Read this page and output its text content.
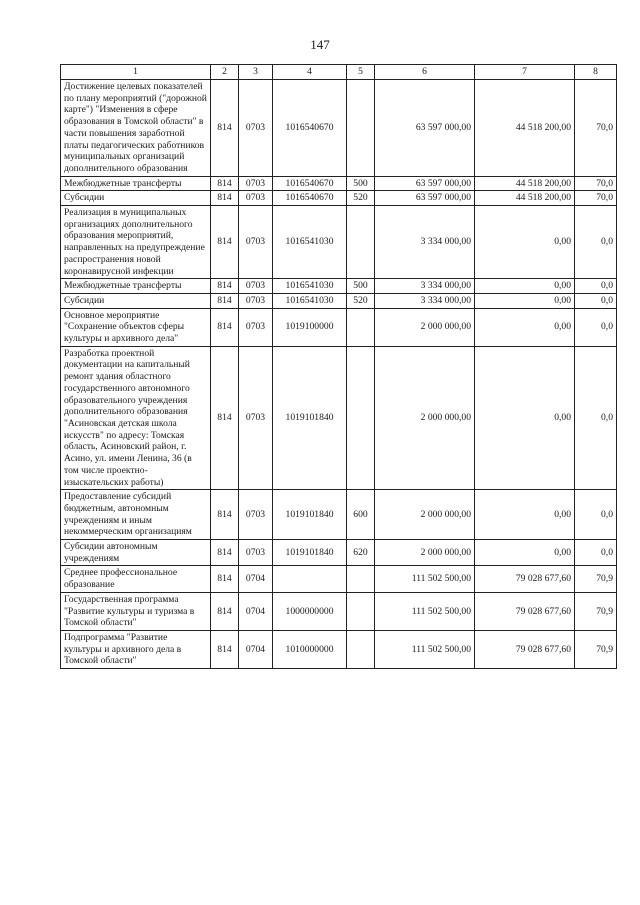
147
1	2	3	4	5	6	7	8
Достижение целевых показателей по плану мероприятий ("дорожной карте") "Изменения в сфере образования в Томской области" в части повышения заработной платы педагогических работников муниципальных организаций дополнительного образования	814	0703	1016540670		63 597 000,00	44 518 200,00	70,0
Межбюджетные трансферты	814	0703	1016540670	500	63 597 000,00	44 518 200,00	70,0
Субсидии	814	0703	1016540670	520	63 597 000,00	44 518 200,00	70,0
Реализация в муниципальных организациях дополнительного образования мероприятий, направленных на предупреждение распространения новой коронавирусной инфекции	814	0703	1016541030		3 334 000,00	0,00	0,0
Межбюджетные трансферты	814	0703	1016541030	500	3 334 000,00	0,00	0,0
Субсидии	814	0703	1016541030	520	3 334 000,00	0,00	0,0
Основное мероприятие "Сохранение объектов сферы культуры и архивного дела"	814	0703	1019100000		2 000 000,00	0,00	0,0
Разработка проектной документации на капитальный ремонт здания областного государственного автономного образовательного учреждения дополнительного образования "Асиновская детская школа искусств" по адресу: Томская область, Асиновский район, г. Асино, ул. имени Ленина, 36 (в том числе проектно-изыскательских работы)	814	0703	1019101840		2 000 000,00	0,00	0,0
Предоставление субсидий бюджетным, автономным учреждениям и иным некоммерческим организациям	814	0703	1019101840	600	2 000 000,00	0,00	0,0
Субсидии автономным учреждениям	814	0703	1019101840	620	2 000 000,00	0,00	0,0
Среднее профессиональное образование	814	0704			111 502 500,00	79 028 677,60	70,9
Государственная программа "Развитие культуры и туризма в Томской области"	814	0704	1000000000		111 502 500,00	79 028 677,60	70,9
Подпрограмма "Развитие культуры и архивного дела в Томской области"	814	0704	1010000000		111 502 500,00	79 028 677,60	70,9
